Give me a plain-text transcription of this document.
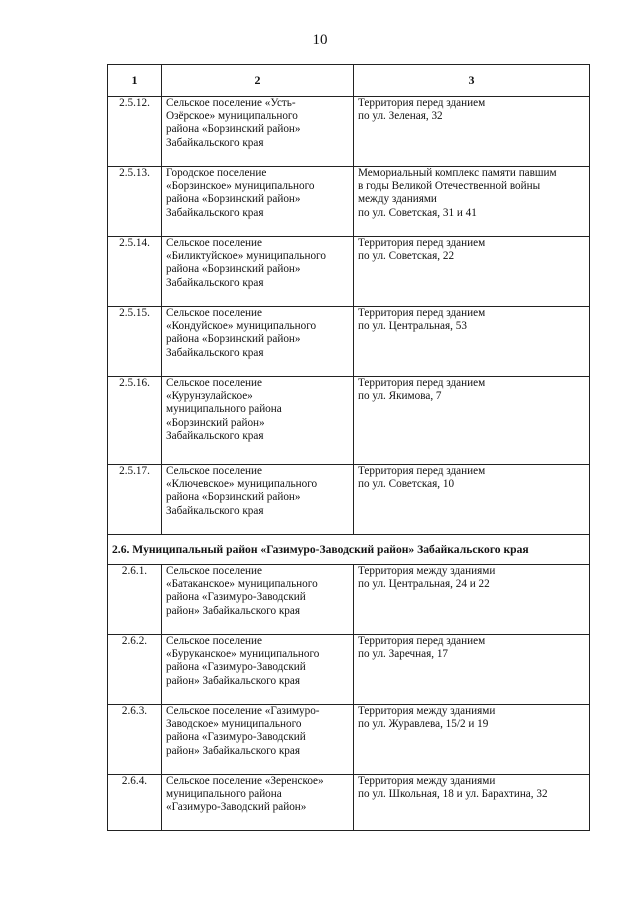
10
1	2	3
2.5.12.	Сельское поселение «Усть-
Озёрское» муниципального
района «Борзинский район»
Забайкальского края	Территория перед зданием
по ул. Зеленая, 32
2.5.13.	Городское поселение
«Борзинское» муниципального
района «Борзинский район»
Забайкальского края	Мемориальный комплекс памяти павшим
в годы Великой Отечественной войны
между зданиями
по ул. Советская, 31 и 41
2.5.14.	Сельское поселение
«Биликтуйское» муниципального
района «Борзинский район»
Забайкальского края	Территория перед зданием
по ул. Советская, 22
2.5.15.	Сельское поселение
«Кондуйское» муниципального
района «Борзинский район»
Забайкальского края	Территория перед зданием
по ул. Центральная, 53
2.5.16.	Сельское поселение
«Курунзулайское»
муниципального района
«Борзинский район»
Забайкальского края	Территория перед зданием
по ул. Якимова, 7
2.5.17.	Сельское поселение
«Ключевское» муниципального
района «Борзинский район»
Забайкальского края	Территория перед зданием
по ул. Советская, 10
2.6. Муниципальный район «Газимуро-Заводский район» Забайкальского края		
2.6.1.	Сельское поселение
«Батаканское» муниципального
района «Газимуро-Заводский
район» Забайкальского края	Территория между зданиями
по ул. Центральная, 24 и 22
2.6.2.	Сельское поселение
«Буруканское» муниципального
района «Газимуро-Заводский
район» Забайкальского края	Территория перед зданием
по ул. Заречная, 17
2.6.3.	Сельское поселение «Газимуро-
Заводское» муниципального
района «Газимуро-Заводский
район» Забайкальского края	Территория между зданиями
по ул. Журавлева, 15/2 и 19
2.6.4.	Сельское поселение «Зеренское»
муниципального района
«Газимуро-Заводский район»	Территория между зданиями
по ул. Школьная, 18 и ул. Барахтина, 32
